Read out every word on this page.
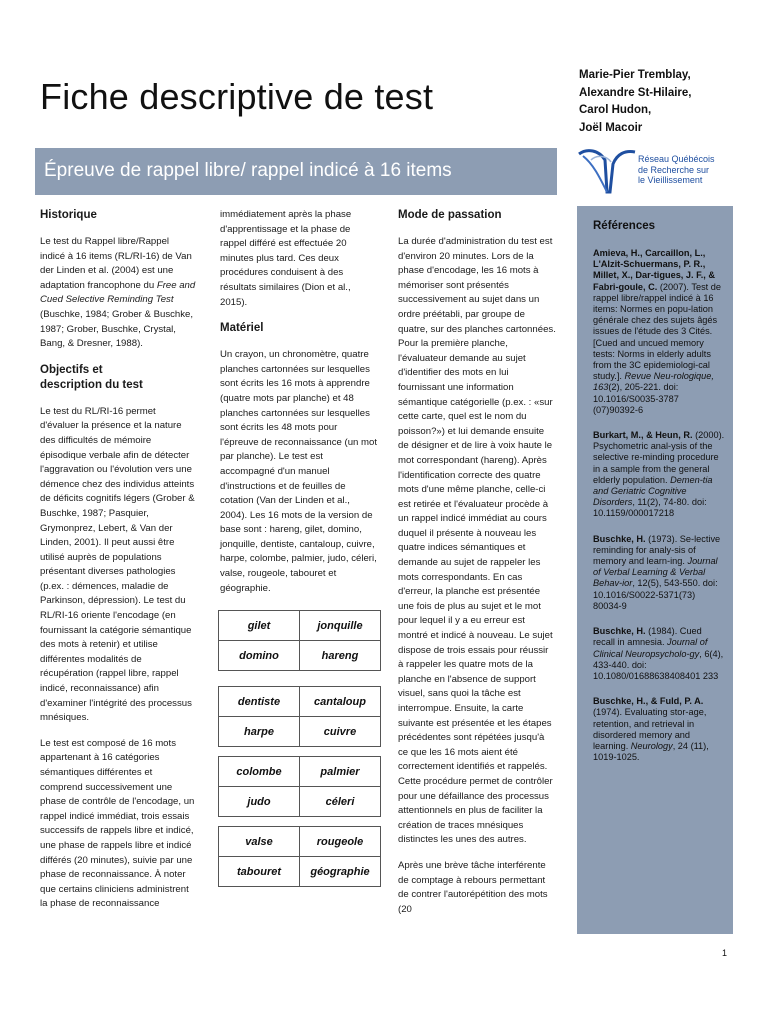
Fiche descriptive de test
Marie-Pier Tremblay,
Alexandre St-Hilaire,
Carol Hudon,
Joël Macoir
Épreuve de rappel libre/ rappel indicé à 16 items
Réseau Québécois
de Recherche sur
le Vieillissement
Historique

Le test du Rappel libre/Rappel indicé à 16 items (RL/RI-16) de Van der Linden et al. (2004) est une adaptation francophone du Free and Cued Selective Reminding Test (Buschke, 1984; Grober & Buschke, 1987; Grober, Buschke, Crystal, Bang, & Dresner, 1988).

Objectifs et
description du test

Le test du RL/RI-16 permet d'évaluer la présence et la nature des difficultés de mémoire épisodique verbale afin de détecter l'aggravation ou l'évolution vers une démence chez des individus atteints de déficits cognitifs légers (Grober & Buschke, 1987; Pasquier, Grymonprez, Lebert, & Van der Linden, 2001). Il peut aussi être utilisé auprès de populations présentant diverses pathologies (p.ex. : démences, maladie de Parkinson, dépression). Le test du RL/RI-16 oriente l'encodage (en fournissant la catégorie sémantique des mots à retenir) et utilise différentes modalités de récupération (rappel libre, rappel indicé, reconnaissance) afin d'examiner l'intégrité des processus mnésiques.

Le test est composé de 16 mots appartenant à 16 catégories sémantiques différentes et comprend successivement une phase de contrôle de l'encodage, un rappel indicé immédiat, trois essais successifs de rappels libre et indicé, une phase de rappels libre et indicé différés (20 minutes), suivie par une phase de reconnaissance. À noter que certains cliniciens administrent la phase de reconnaissance

immédiatement après la phase d'apprentissage et la phase de rappel différé est effectuée 20 minutes plus tard. Ces deux procédures conduisent à des résultats similaires (Dion et al., 2015).

Matériel

Un crayon, un chronomètre, quatre planches cartonnées sur lesquelles sont écrits les 16 mots à apprendre (quatre mots par planche) et 48 planches cartonnées sur lesquelles sont écrits les 48 mots pour l'épreuve de reconnaissance (un mot par planche). Le test est accompagné d'un manuel d'instructions et de feuilles de cotation (Van der Linden et al., 2004). Les 16 mots de la version de base sont : hareng, gilet, domino, jonquille, dentiste, cantaloup, cuivre, harpe, colombe, palmier, judo, céleri, valse, rougeole, tabouret et géographie.

gilet	jonquille
domino	hareng
dentiste	cantaloup
harpe	cuivre
colombe	palmier
judo	céleri
valse	rougeole
tabouret	géographie
Mode de passation

La durée d'administration du test est d'environ 20 minutes. Lors de la phase d'encodage, les 16 mots à mémoriser sont présentés successivement au sujet dans un ordre préétabli, par groupe de quatre, sur des planches cartonnées. Pour la première planche, l'évaluateur demande au sujet d'identifier des mots en lui fournissant une information sémantique catégorielle (p.ex. : «sur cette carte, quel est le nom du poisson?») et lui demande ensuite de désigner et de lire à voix haute le mot correspondant (hareng). Après l'identification correcte des quatre mots d'une même planche, celle-ci est retirée et l'évaluateur procède à un rappel indicé immédiat au cours duquel il présente à nouveau les quatre indices sémantiques et demande au sujet de rappeler les mots correspondants. En cas d'erreur, la planche est présentée une fois de plus au sujet et le mot pour lequel il y a eu erreur est montré et indicé à nouveau. Le sujet dispose de trois essais pour réussir à rappeler les quatre mots de la planche en l'absence de support visuel, sans quoi la tâche est interrompue. Ensuite, la carte suivante est présentée et les étapes précédentes sont répétées jusqu'à ce que les 16 mots aient été correctement identifiés et rappelés. Cette procédure permet de contrôler pour une défaillance des processus attentionnels en plus de faciliter la création de traces mnésiques distinctes les unes des autres.

Après une brève tâche interférente de comptage à rebours permettant de contrer l'autorépétition des mots (20

Références

Amieva, H., Carcaillon, L., L'Alzit-Schuermans, P. R., Millet, X., Dar-tigues, J. F., & Fabri-goule, C. (2007). Test de rappel libre/rappel indicé à 16 items: Normes en popu-lation générale chez des sujets âgés issues de l'étude des 3 Cités. [Cued and uncued memory tests: Norms in elderly adults from the 3C epidemiologi-cal study.]. Revue Neu-rologique, 163(2), 205-221. doi: 10.1016/S0035-3787 (07)90392-6

Burkart, M., & Heun, R. (2000). Psychometric anal-ysis of the selective re-minding procedure in a sample from the general elderly population. Demen-tia and Geriatric Cognitive Disorders, 11(2), 74-80. doi: 10.1159/000017218

Buschke, H. (1973). Se-lective reminding for analy-sis of memory and learn-ing. Journal of Verbal Learning & Verbal Behav-ior, 12(5), 543-550. doi: 10.1016/S0022-5371(73) 80034-9

Buschke, H. (1984). Cued recall in amnesia. Journal of Clinical Neuropsycholo-gy, 6(4), 433-440. doi: 10.1080/01688638408401 233

Buschke, H., & Fuld, P. A. (1974). Evaluating stor-age, retention, and retrieval in disordered memory and learning. Neurology, 24 (11), 1019-1025.

1
